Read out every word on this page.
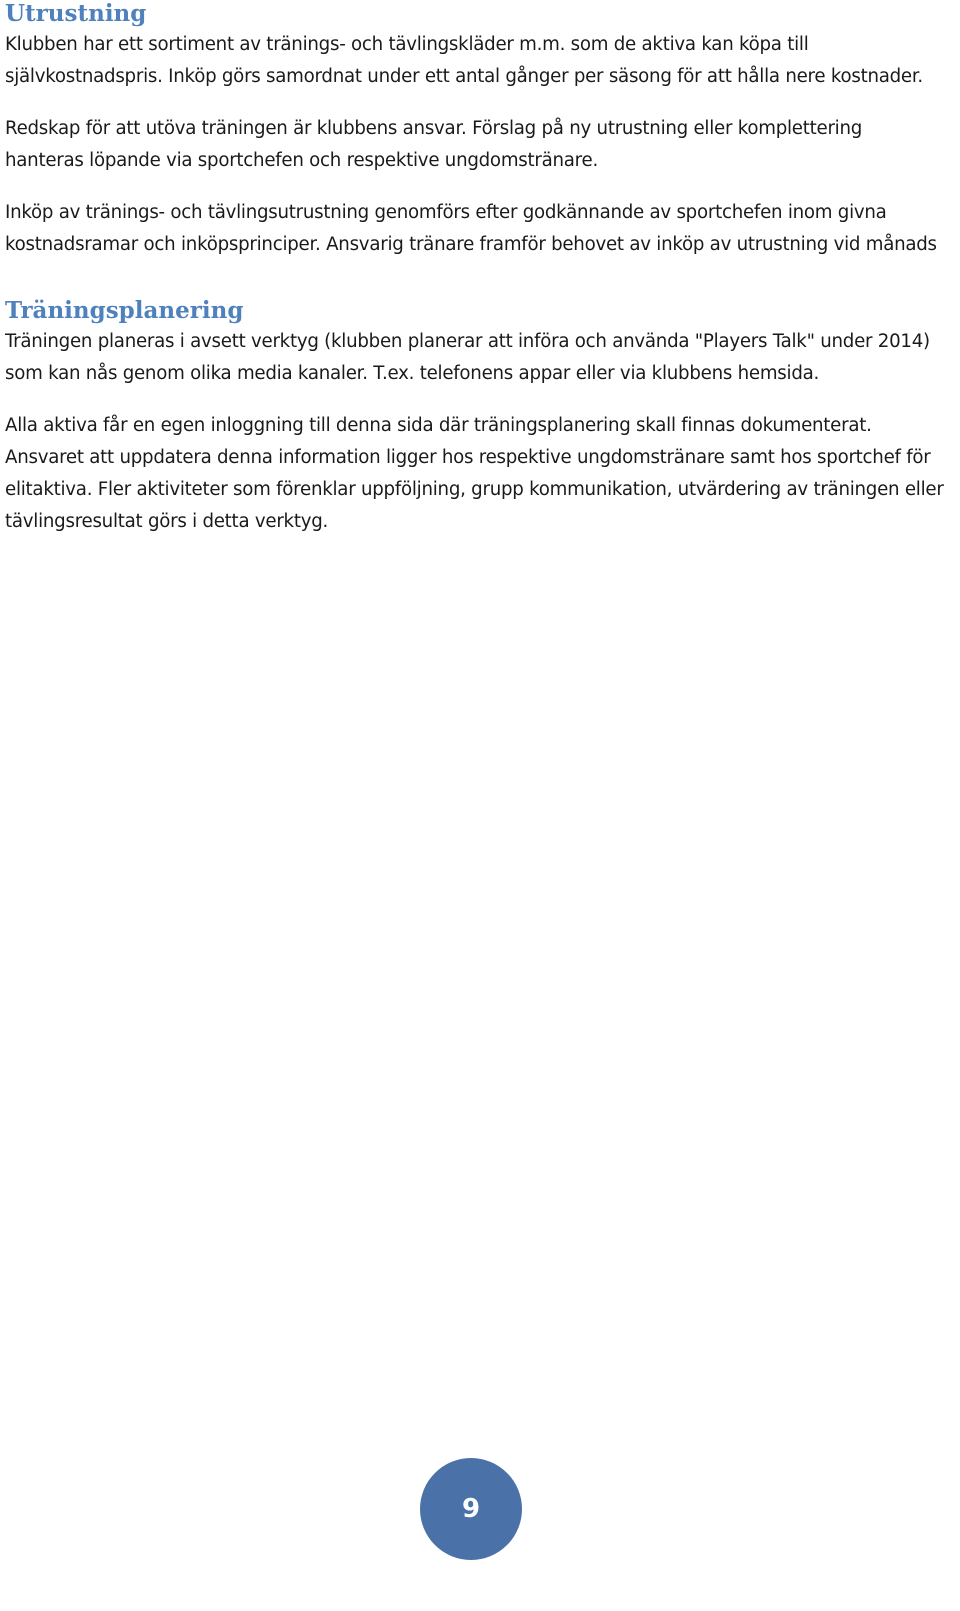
Utrustning

Klubben har ett sortiment av tränings- och tävlingskläder m.m. som de aktiva kan köpa till självkostnadspris. Inköp görs samordnat under ett antal gånger per säsong för att hålla nere kostnader.

Redskap för att utöva träningen är klubbens ansvar. Förslag på ny utrustning eller komplettering hanteras löpande via sportchefen och respektive ungdomstränare.

Inköp av tränings- och tävlingsutrustning genomförs efter godkännande av sportchefen inom givna kostnadsramar och inköpsprinciper. Ansvarig tränare framför behovet av inköp av utrustning vid månads

Träningsplanering

Träningen planeras i avsett verktyg (klubben planerar att införa och använda "Players Talk" under 2014) som kan nås genom olika media kanaler. T.ex. telefonens appar eller via klubbens hemsida.

Alla aktiva får en egen inloggning till denna sida där träningsplanering skall finnas dokumenterat.

Ansvaret att uppdatera denna information ligger hos respektive ungdomstränare samt hos sportchef för elitaktiva. Fler aktiviteter som förenklar uppföljning, grupp kommunikation, utvärdering av träningen eller tävlingsresultat görs i detta verktyg.

9
